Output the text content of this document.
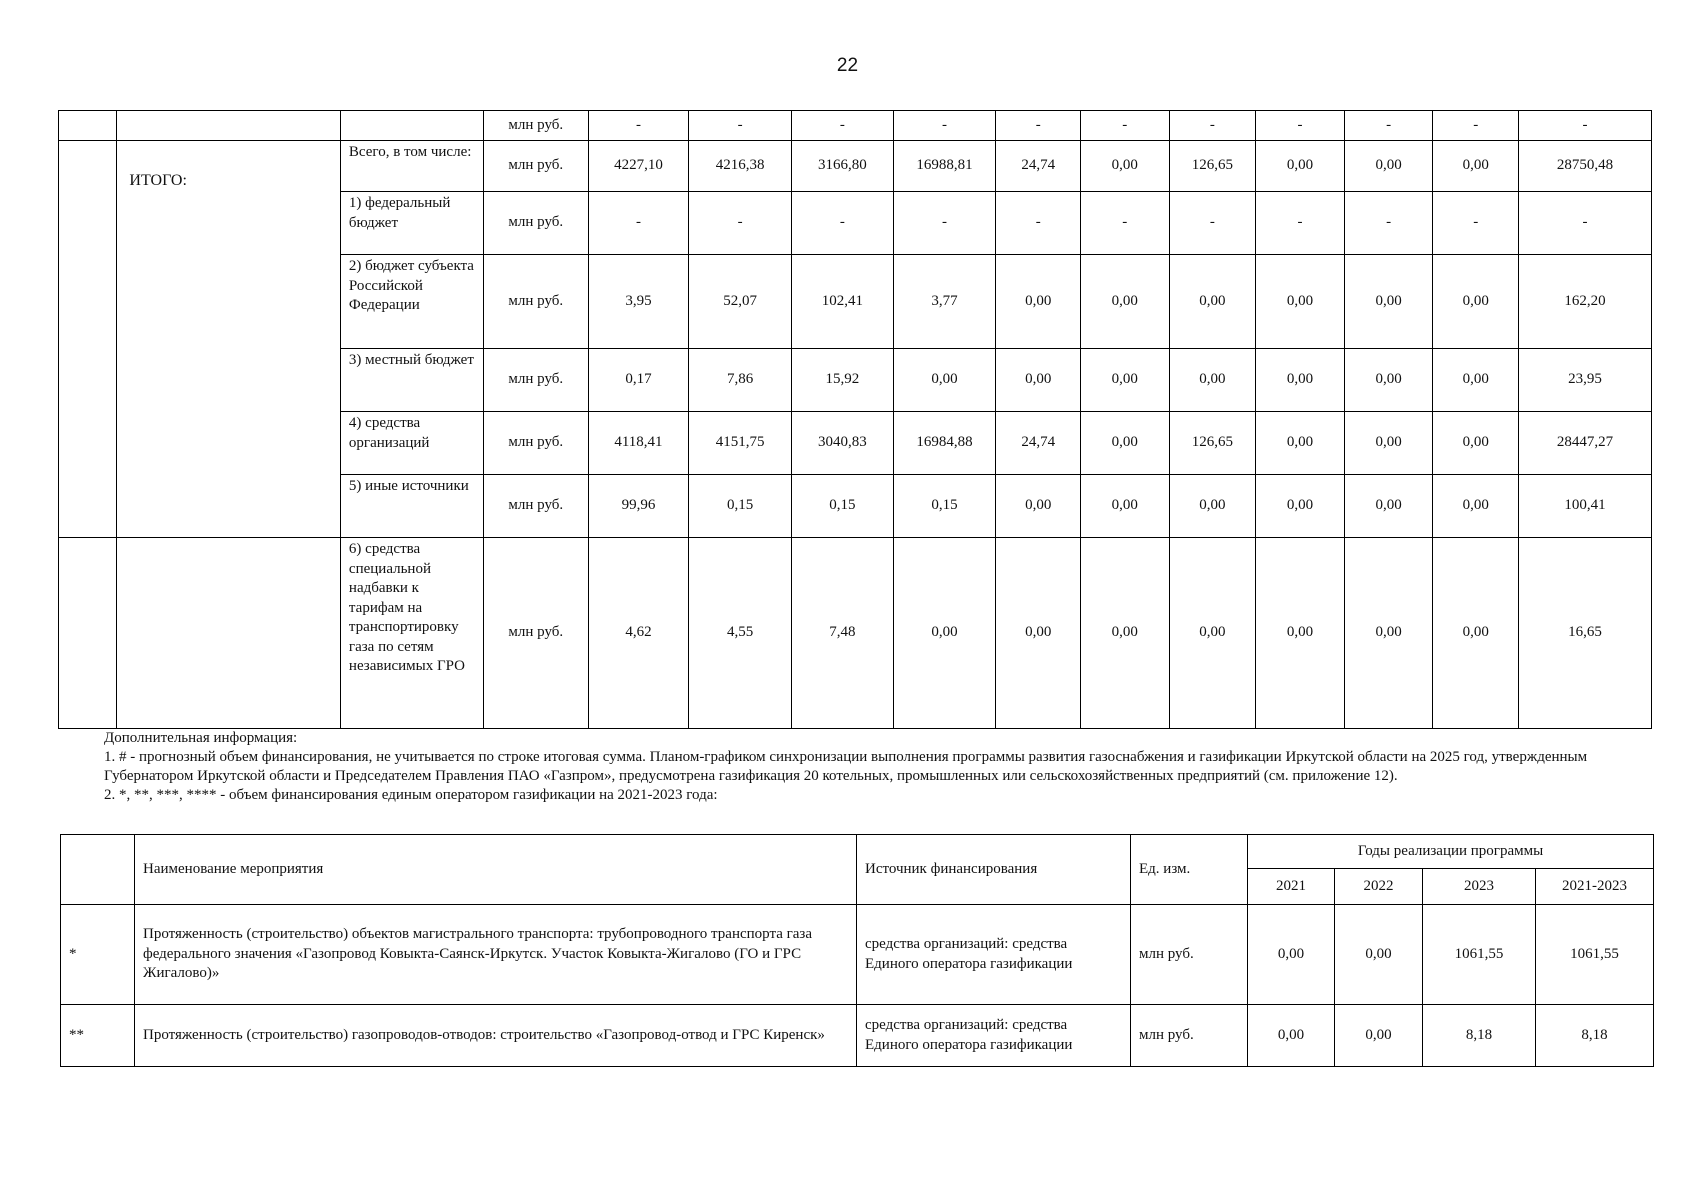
22
			млн руб.	-	-	-	-	-	-	-	-	-	-	-
	ИТОГО:	Всего, в том числе:	млн руб.	4227,10	4216,38	3166,80	16988,81	24,74	0,00	126,65	0,00	0,00	0,00	28750,48
		1) федеральный бюджет	млн руб.	-	-	-	-	-	-	-	-	-	-	-
		2) бюджет субъекта Российской Федерации	млн руб.	3,95	52,07	102,41	3,77	0,00	0,00	0,00	0,00	0,00	0,00	162,20
		3) местный бюджет	млн руб.	0,17	7,86	15,92	0,00	0,00	0,00	0,00	0,00	0,00	0,00	23,95
		4) средства организаций	млн руб.	4118,41	4151,75	3040,83	16984,88	24,74	0,00	126,65	0,00	0,00	0,00	28447,27
		5) иные источники	млн руб.	99,96	0,15	0,15	0,15	0,00	0,00	0,00	0,00	0,00	0,00	100,41
		6) средства специальной надбавки к тарифам на транспортировку газа по сетям независимых ГРО	млн руб.	4,62	4,55	7,48	0,00	0,00	0,00	0,00	0,00	0,00	0,00	16,65
Дополнительная информация:
1. # - прогнозный объем финансирования, не учитывается по строке итоговая сумма. Планом-графиком синхронизации выполнения программы развития газоснабжения и газификации Иркутской области на 2025 год, утвержденным Губернатором Иркутской области и Председателем Правления ПАО «Газпром», предусмотрена газификация 20 котельных, промышленных или сельскохозяйственных предприятий (см. приложение 12).
2. *, **, ***, **** - объем финансирования единым оператором газификации на 2021-2023 года:
	Наименование мероприятия	Источник финансирования	Ед. изм.	Годы реализации программы			
				2021	2022	2023	2021-2023
*	Протяженность (строительство) объектов магистрального транспорта: трубопроводного транспорта газа федерального значения «Газопровод Ковыкта-Саянск-Иркутск. Участок Ковыкта-Жигалово (ГО и ГРС Жигалово)»	средства организаций: средства Единого оператора газификации	млн руб.	0,00	0,00	1061,55	1061,55
**	Протяженность (строительство) газопроводов-отводов: строительство «Газопровод-отвод и ГРС Киренск»	средства организаций: средства Единого оператора газификации	млн руб.	0,00	0,00	8,18	8,18
